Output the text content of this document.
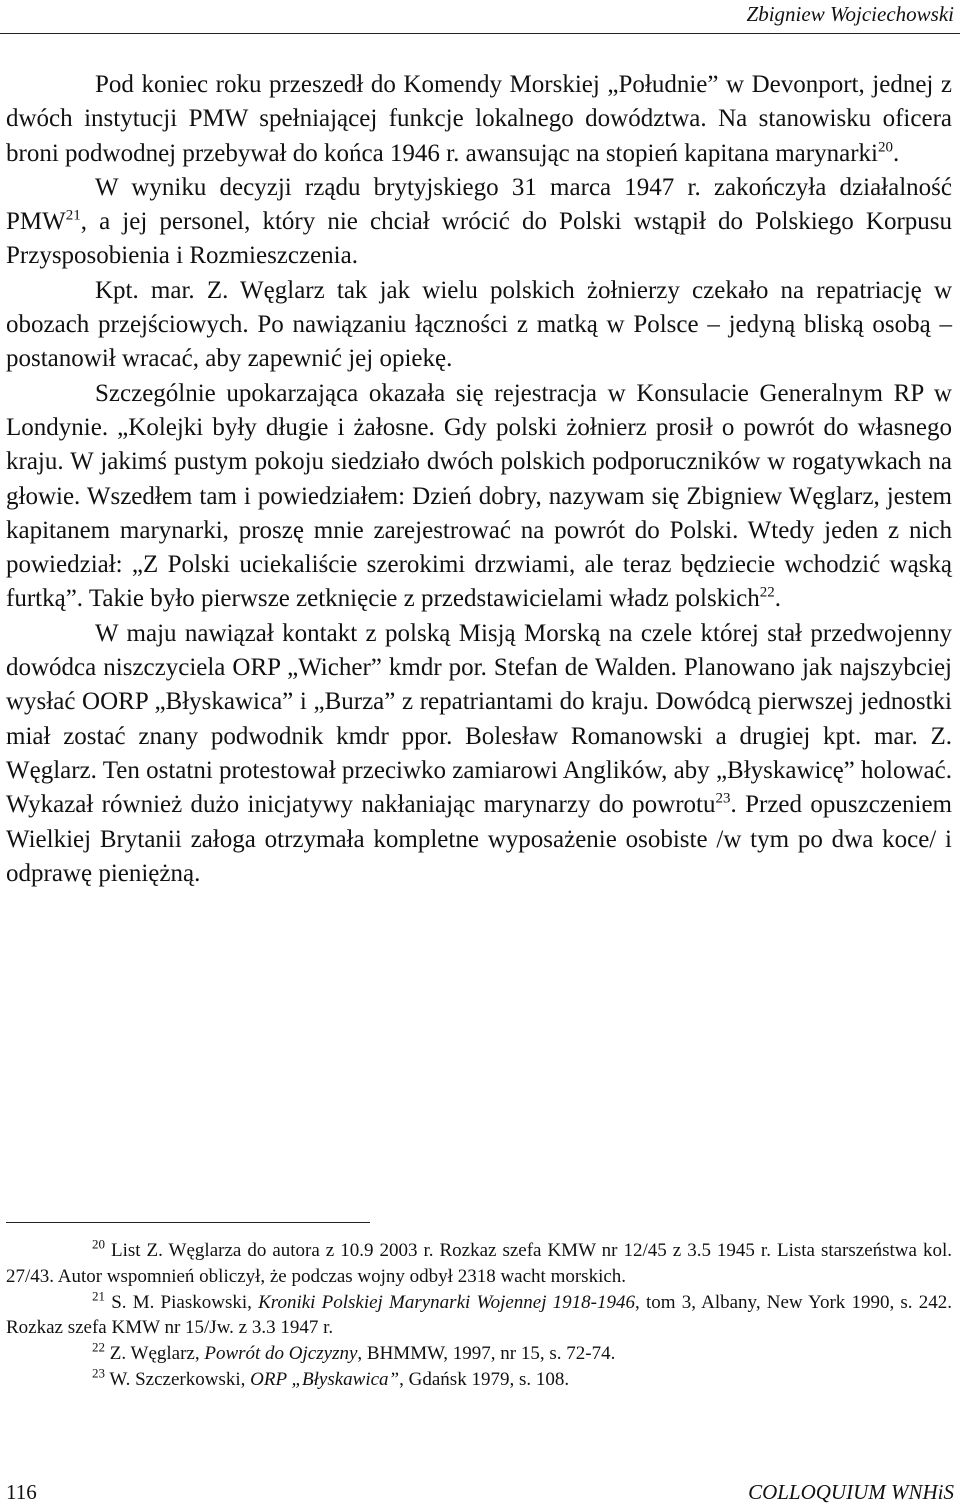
Zbigniew Wojciechowski

Pod koniec roku przeszedł do Komendy Morskiej „Południe” w Devonport, jednej z dwóch instytucji PMW spełniającej funkcje lokalnego dowództwa. Na stanowisku oficera broni podwodnej przebywał do końca 1946 r. awansując na stopień kapitana marynarki$^{20}$.

W wyniku decyzji rządu brytyjskiego 31 marca 1947 r. zakończyła działalność PMW$^{21}$, a jej personel, który nie chciał wrócić do Polski wstąpił do Polskiego Korpusu Przysposobienia i Rozmieszczenia.

Kpt. mar. Z. Węglarz tak jak wielu polskich żołnierzy czekało na repatriację w obozach przejściowych. Po nawiązaniu łączności z matką w Polsce – jedyną bliską osobą – postanowił wracać, aby zapewnić jej opiekę.

Szczególnie upokarzająca okazała się rejestracja w Konsulacie Generalnym RP w Londynie. „Kolejki były długie i żałosne. Gdy polski żołnierz prosił o powrót do własnego kraju. W jakimś pustym pokoju siedziało dwóch polskich podporuczników w rogatywkach na głowie. Wszedłem tam i powiedziałem: Dzień dobry, nazywam się Zbigniew Węglarz, jestem kapitanem marynarki, proszę mnie zarejestrować na powrót do Polski. Wtedy jeden z nich powiedział: „Z Polski uciekaliście szerokimi drzwiami, ale teraz będziecie wchodzić wąską furtką”. Takie było pierwsze zetknięcie z przedstawicielami władz polskich$^{22}$.

W maju nawiązał kontakt z polską Misją Morską na czele której stał przedwojenny dowódca niszczyciela ORP „Wicher” kmdr por. Stefan de Walden. Planowano jak najszybciej wysłać OORP „Błyskawica” i „Burza” z repatriantami do kraju. Dowódcą pierwszej jednostki miał zostać znany podwodnik kmdr ppor. Bolesław Romanowski a drugiej kpt. mar. Z. Węglarz. Ten ostatni protestował przeciwko zamiarowi Anglików, aby „Błyskawicę” holować. Wykazał również dużo inicjatywy nakłaniając marynarzy do powrotu$^{23}$. Przed opuszczeniem Wielkiej Brytanii załoga otrzymała kompletne wyposażenie osobiste /w tym po dwa koce/ i odprawę pieniężną.

$^{20}$ List Z. Węglarza do autora z 10.9 2003 r. Rozkaz szefa KMW nr 12/45 z 3.5 1945 r. Lista starszeństwa kol. 27/43. Autor wspomnień obliczył, że podczas wojny odbył 2318 wacht morskich.

$^{21}$ S. M. Piaskowski, Kroniki Polskiej Marynarki Wojennej 1918-1946, tom 3, Albany, New York 1990, s. 242. Rozkaz szefa KMW nr 15/Jw. z 3.3 1947 r.

$^{22}$ Z. Węglarz, Powrót do Ojczyzny, BHMMW, 1997, nr 15, s. 72-74.

$^{23}$ W. Szczerkowski, ORP „Błyskawica”, Gdańsk 1979, s. 108.

116	COLLOQUIUM WNHiS
